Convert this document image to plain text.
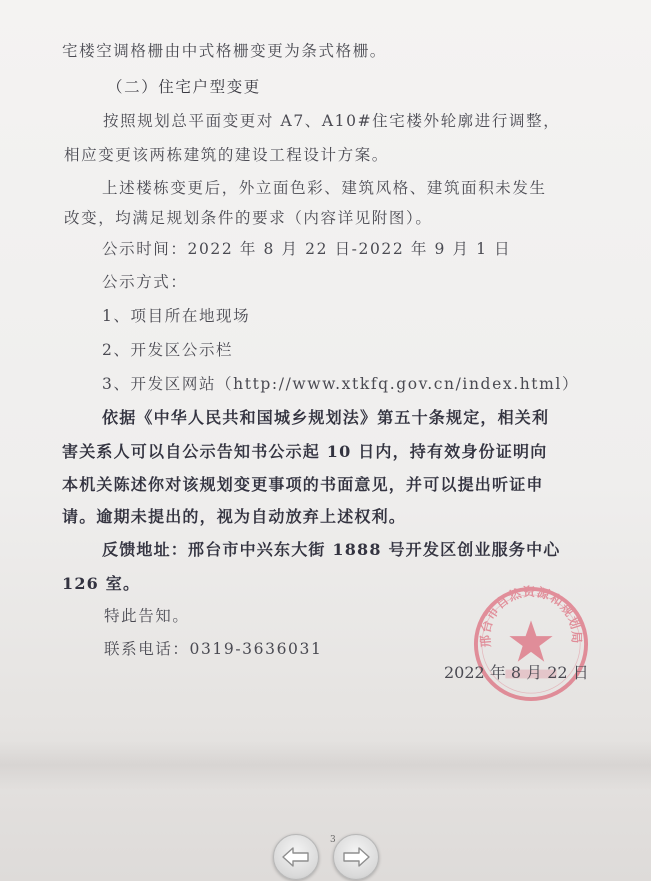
宅楼空调格栅由中式格栅变更为条式格栅。
（二）住宅户型变更
按照规划总平面变更对 A7、A10#住宅楼外轮廓进行调整，
相应变更该两栋建筑的建设工程设计方案。
上述楼栋变更后，外立面色彩、建筑风格、建筑面积未发生
改变，均满足规划条件的要求（内容详见附图）。
公示时间：2022 年 8 月 22 日-2022 年 9 月 1 日
公示方式：
1、项目所在地现场
2、开发区公示栏
3、开发区网站（http://www.xtkfq.gov.cn/index.html）
依据《中华人民共和国城乡规划法》第五十条规定，相关利
害关系人可以自公示告知书公示起 10 日内，持有效身份证明向
本机关陈述你对该规划变更事项的书面意见，并可以提出听证申
请。逾期未提出的，视为自动放弃上述权利。
反馈地址：邢台市中兴东大街 1888 号开发区创业服务中心
126 室。
特此告知。
联系电话：0319-3636031	邢台市自然资源和规划局
2022 年 8 月 22 日
3
